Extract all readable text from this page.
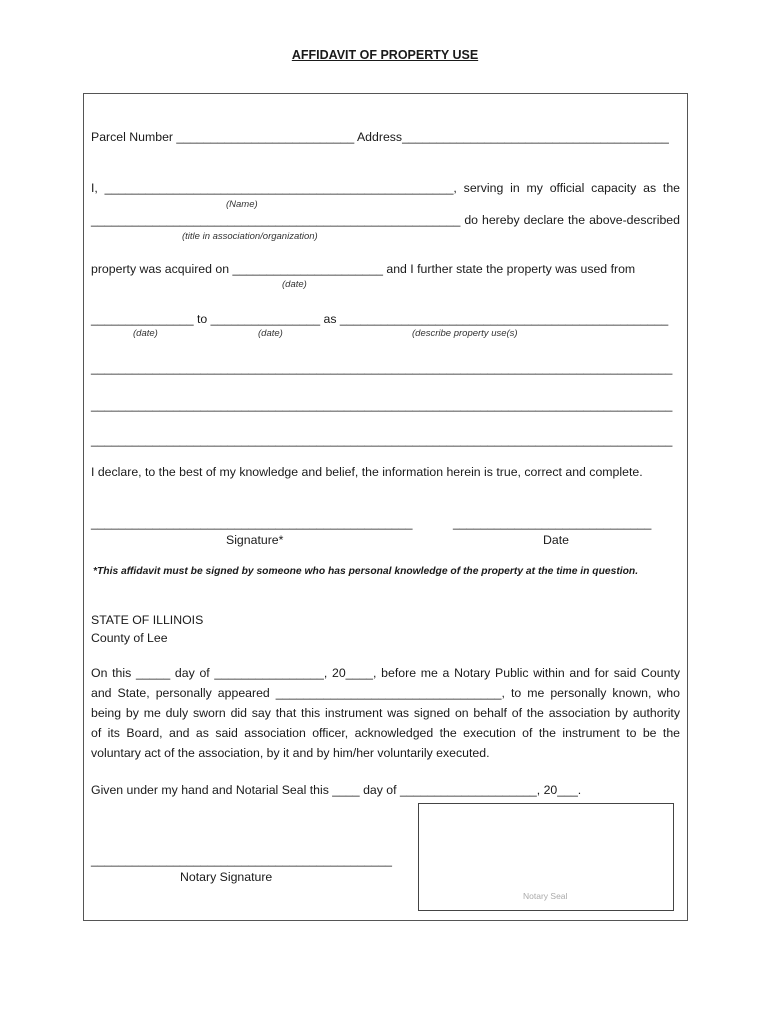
AFFIDAVIT OF PROPERTY USE
Parcel Number __________________________ Address_______________________________________
I, ___________________________________________________, serving in my official capacity as the
(Name)
______________________________________________________ do hereby declare the above-described
(title in association/organization)
property was acquired on ______________________ and I further state the property was used from
(date)
_______________ to ________________ as ________________________________________________
(date)	(date)	(describe property use(s)
_____________________________________________________________________________________
_____________________________________________________________________________________
_____________________________________________________________________________________
I declare, to the best of my knowledge and belief, the information herein is true, correct and complete.
_______________________________________________	_____________________________
Signature*	Date
*This affidavit must be signed by someone who has personal knowledge of the property at the time in question.
STATE OF ILLINOIS
County of Lee
On this _____ day of ________________, 20____, before me a Notary Public within and for said County
and State, personally appeared _________________________________, to me personally known, who
being by me duly sworn did say that this instrument was signed on behalf of the association by authority
of its Board, and as said association officer, acknowledged the execution of the instrument to be the
voluntary act of the association, by it and by him/her voluntarily executed.
Given under my hand and Notarial Seal this ____ day of ____________________, 20___.
Notary Seal
____________________________________________
Notary Signature
